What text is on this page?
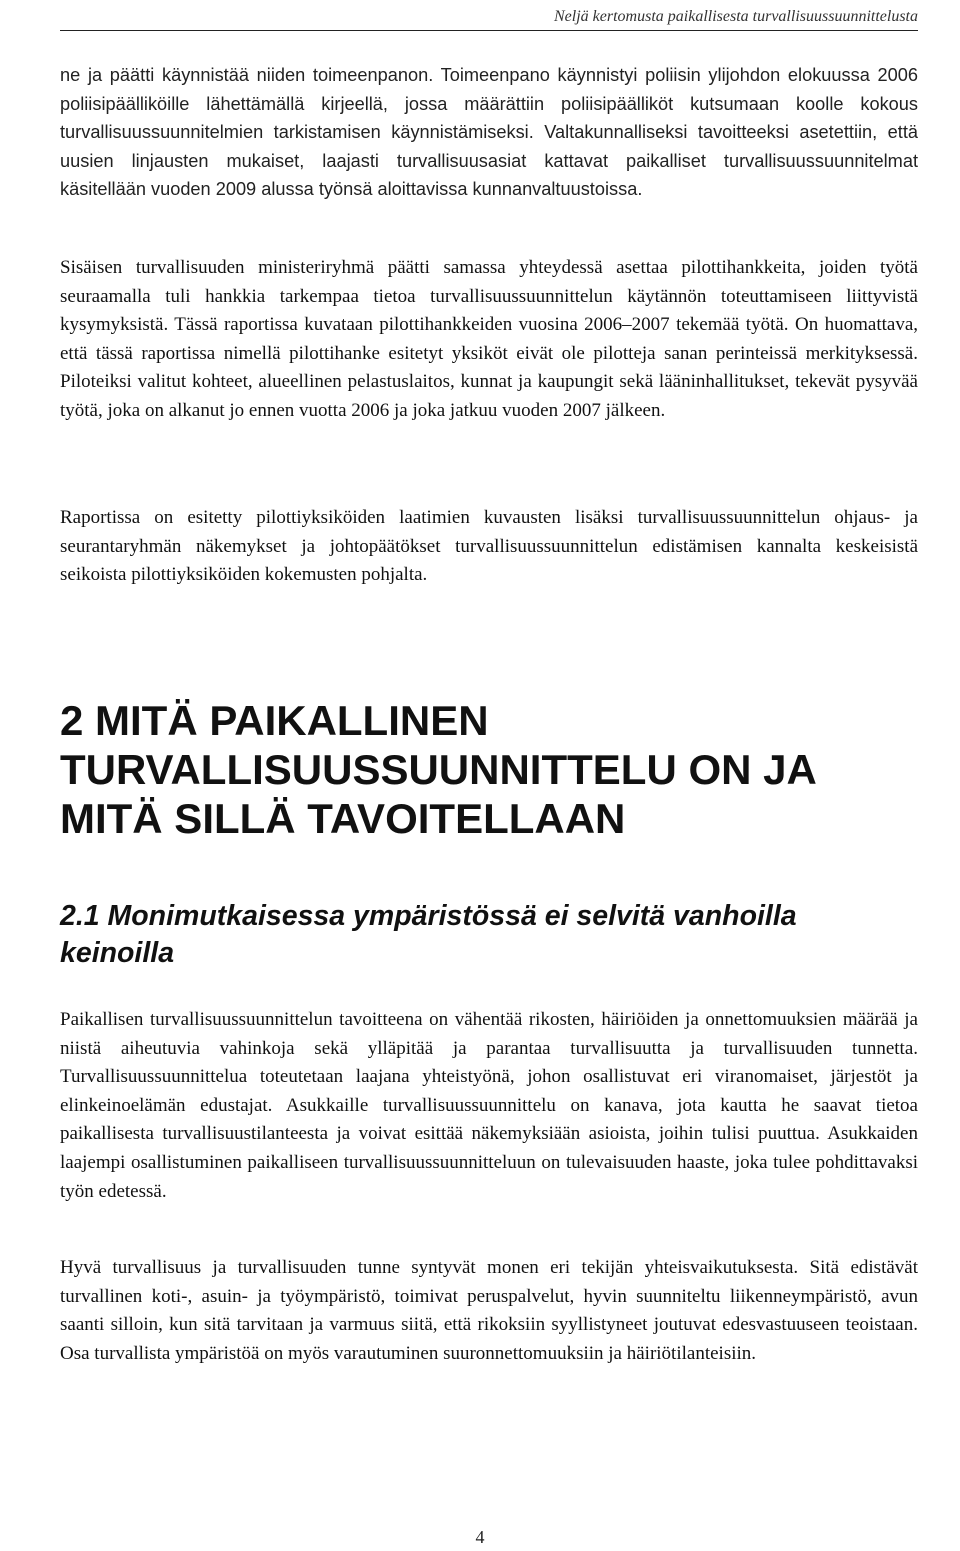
Neljä kertomusta paikallisesta turvallisuussuunnittelusta

ne ja päätti käynnistää niiden toimeenpanon. Toimeenpano käynnistyi poliisin ylijohdon elokuussa 2006 poliisipäälliköille lähettämällä kirjeellä, jossa määrättiin poliisipäälliköt kutsumaan koolle kokous turvallisuussuunnitelmien tarkistamisen käynnistämiseksi. Valtakunnalliseksi tavoitteeksi asetettiin, että uusien linjausten mukaiset, laajasti turvallisuusasiat kattavat paikalliset turvallisuussuunnitelmat käsitellään vuoden 2009 alussa työnsä aloittavissa kunnanvaltuustoissa.

Sisäisen turvallisuuden ministeriryhmä päätti samassa yhteydessä asettaa pilottihankkeita, joiden työtä seuraamalla tuli hankkia tarkempaa tietoa turvallisuussuunnittelun käytännön toteuttamiseen liittyvistä kysymyksistä. Tässä raportissa kuvataan pilottihankkeiden vuosina 2006–2007 tekemää työtä. On huomattava, että tässä raportissa nimellä pilottihanke esitetyt yksiköt eivät ole pilotteja sanan perinteissä merkityksessä. Piloteiksi valitut kohteet, alueellinen pelastuslaitos, kunnat ja kaupungit sekä lääninhallitukset, tekevät pysyvää työtä, joka on alkanut jo ennen vuotta 2006 ja joka jatkuu vuoden 2007 jälkeen.

Raportissa on esitetty pilottiyksiköiden laatimien kuvausten lisäksi turvallisuussuunnittelun ohjaus- ja seurantaryhmän näkemykset ja johtopäätökset turvallisuussuunnittelun edistämisen kannalta keskeisistä seikoista pilottiyksiköiden kokemusten pohjalta.

2 MITÄ PAIKALLINEN TURVALLISUUSSUUNNITTELU ON JA MITÄ SILLÄ TAVOITELLAAN
2.1 Monimutkaisessa ympäristössä ei selvitä vanhoilla keinoilla

Paikallisen turvallisuussuunnittelun tavoitteena on vähentää rikosten, häiriöiden ja onnettomuuksien määrää ja niistä aiheutuvia vahinkoja sekä ylläpitää ja parantaa turvallisuutta ja turvallisuuden tunnetta. Turvallisuussuunnittelua toteutetaan laajana yhteistyönä, johon osallistuvat eri viranomaiset, järjestöt ja elinkeinoelämän edustajat. Asukkaille turvallisuussuunnittelu on kanava, jota kautta he saavat tietoa paikallisesta turvallisuustilanteesta ja voivat esittää näkemyksiään asioista, joihin tulisi puuttua. Asukkaiden laajempi osallistuminen paikalliseen turvallisuussuunnitteluun on tulevaisuuden haaste, joka tulee pohdittavaksi työn edetessä.

Hyvä turvallisuus ja turvallisuuden tunne syntyvät monen eri tekijän yhteisvaikutuksesta. Sitä edistävät turvallinen koti-, asuin- ja työympäristö, toimivat peruspalvelut, hyvin suunniteltu liikenneympäristö, avun saanti silloin, kun sitä tarvitaan ja varmuus siitä, että rikoksiin syyllistyneet joutuvat edesvastuuseen teoistaan. Osa turvallista ympäristöä on myös varautuminen suuronnettomuuksiin ja häiriötilanteisiin.

4
